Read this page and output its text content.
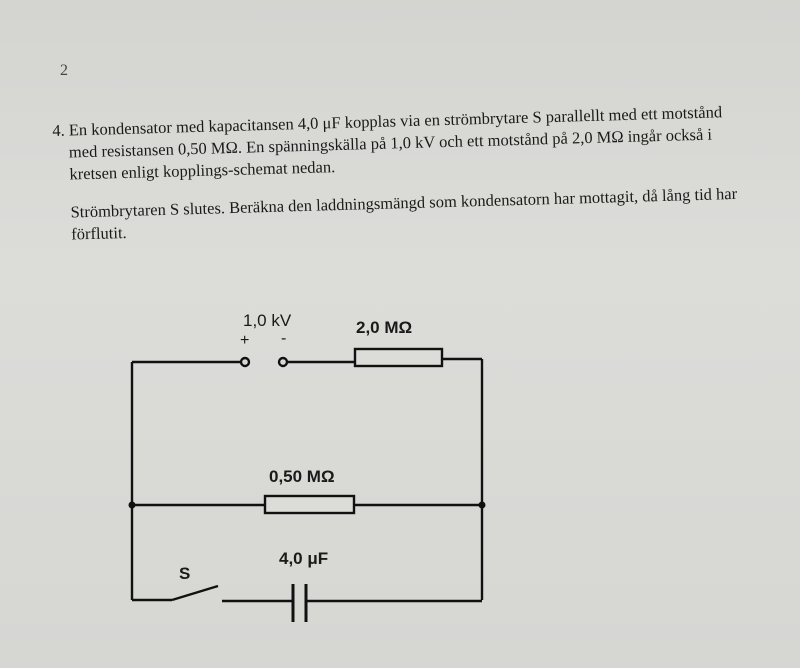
2

4. En kondensator med kapacitansen 4,0 μF kopplas via en strömbrytare S parallellt med ett motstånd med resistansen 0,50 MΩ. En spänningskälla på 1,0 kV och ett motstånd på 2,0 MΩ ingår också i kretsen enligt kopplings-schemat nedan.

Strömbrytaren S slutes. Beräkna den laddningsmängd som kondensatorn har mottagit, då lång tid har förflutit.

1,0 kV
+ -
2,0 MΩ
0,50 MΩ
4,0 μF
S
